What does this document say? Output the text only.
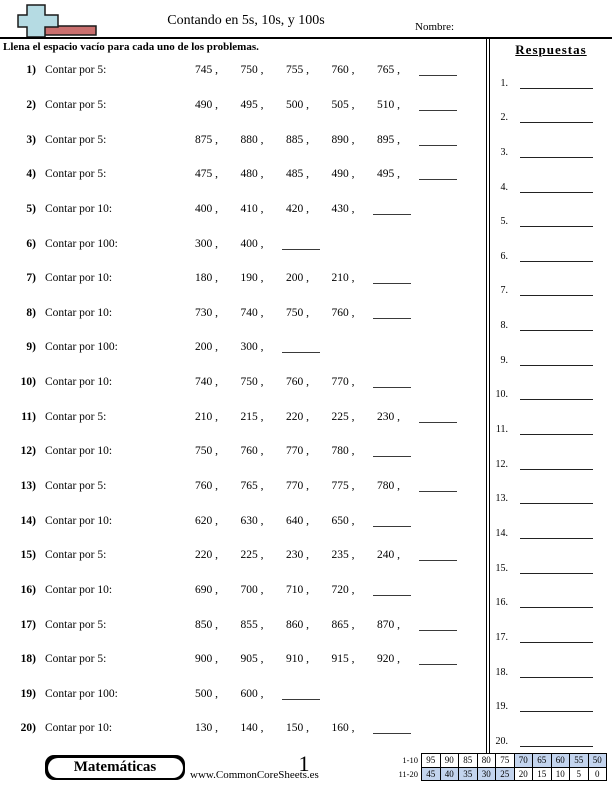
Contando en 5s, 10s, y 100s	Nombre:
Llena el espacio vacío para cada uno de los problemas.
1) Contar por 5:	745 ,	750 ,	755 ,	760 ,	765 ,
2) Contar por 5:	490 ,	495 ,	500 ,	505 ,	510 ,
3) Contar por 5:	875 ,	880 ,	885 ,	890 ,	895 ,
4) Contar por 5:	475 ,	480 ,	485 ,	490 ,	495 ,
5) Contar por 10:	400 ,	410 ,	420 ,	430 ,
6) Contar por 100:	300 ,	400 ,
7) Contar por 10:	180 ,	190 ,	200 ,	210 ,
8) Contar por 10:	730 ,	740 ,	750 ,	760 ,
9) Contar por 100:	200 ,	300 ,
10) Contar por 10:	740 ,	750 ,	760 ,	770 ,
11) Contar por 5:	210 ,	215 ,	220 ,	225 ,	230 ,
12) Contar por 10:	750 ,	760 ,	770 ,	780 ,
13) Contar por 5:	760 ,	765 ,	770 ,	775 ,	780 ,
14) Contar por 10:	620 ,	630 ,	640 ,	650 ,
15) Contar por 5:	220 ,	225 ,	230 ,	235 ,	240 ,
16) Contar por 10:	690 ,	700 ,	710 ,	720 ,
17) Contar por 5:	850 ,	855 ,	860 ,	865 ,	870 ,
18) Contar por 5:	900 ,	905 ,	910 ,	915 ,	920 ,
19) Contar por 100:	500 ,	600 ,
20) Contar por 10:	130 ,	140 ,	150 ,	160 ,
Respuestas
1.
2.
3.
4.
5.
6.
7.
8.
9.
10.
11.
12.
13.
14.
15.
16.
17.
18.
19.
20.
Matemáticas	www.CommonCoreSheets.es
1	1-10	95	90	85	80	75	70	65	60	55	50
11-20	45	40	35	30	25	20	15	10	5	0
